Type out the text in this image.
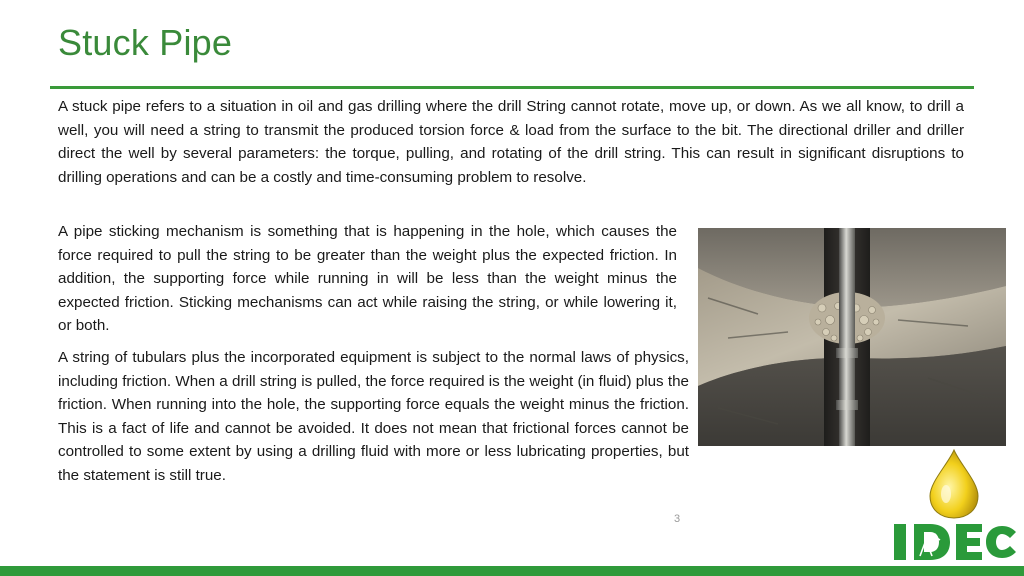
Stuck Pipe

A stuck pipe refers to a situation in oil and gas drilling where the drill String cannot rotate, move up, or down. As we all know, to drill a well, you will need a string to transmit the produced torsion force & load from the surface to the bit. The directional driller and driller direct the well by several parameters: the torque, pulling, and rotating of the drill string. This can result in significant disruptions to drilling operations and can be a costly and time-consuming problem to resolve.

A pipe sticking mechanism is something that is happening in the hole, which causes the force required to pull the string to be greater than the weight plus the expected friction. In addition, the supporting force while running in will be less than the weight minus the expected friction. Sticking mechanisms can act while raising the string, or while lowering it, or both.

A string of tubulars plus the incorporated equipment is subject to the normal laws of physics, including friction. When a drill string is pulled, the force required is the weight (in fluid) plus the friction. When running into the hole, the supporting force equals the weight minus the friction. This is a fact of life and cannot be avoided. It does not mean that frictional forces cannot be controlled to some extent by using a drilling fluid with more or less lubricating properties, but the statement is still true.

3
